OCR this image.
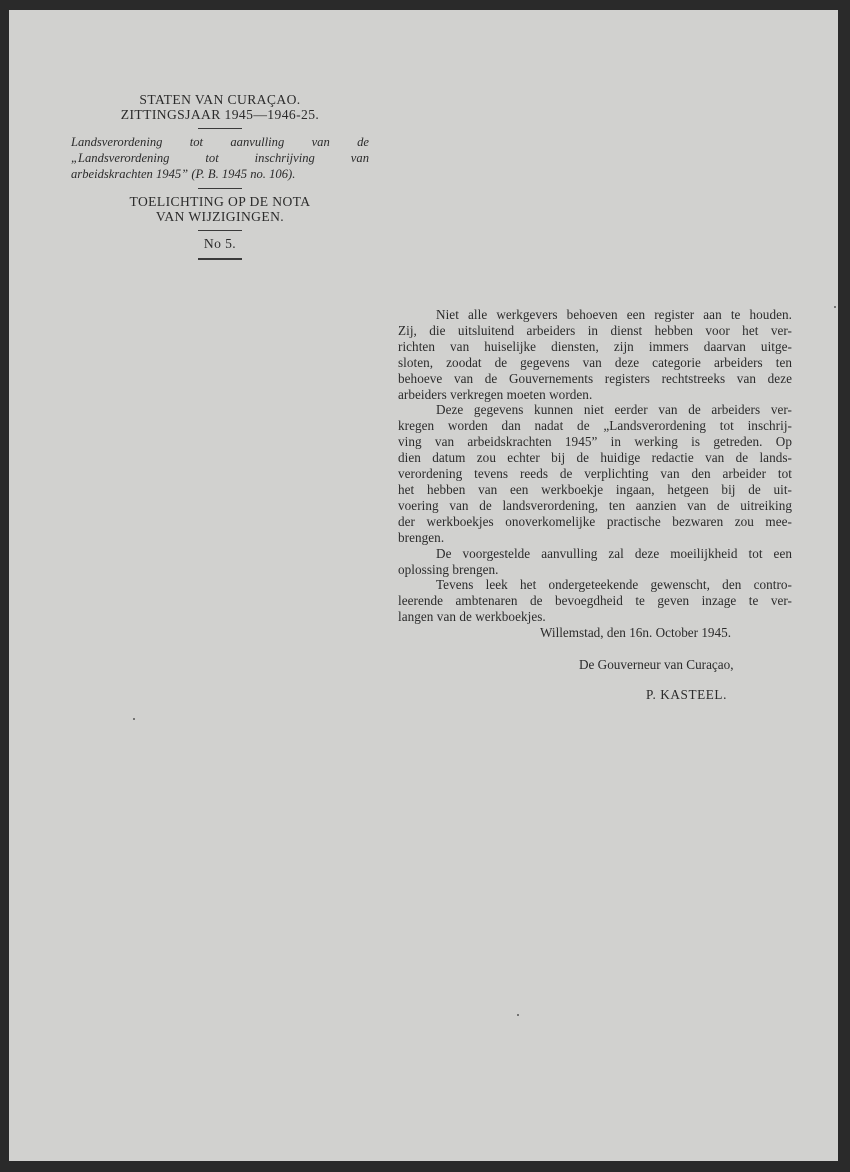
STATEN VAN CURAÇAO.
ZITTINGSJAAR 1945—1946-25.

Landsverordening tot aanvulling van de
„Landsverordening tot inschrijving van
arbeidskrachten 1945” (P. B. 1945 no. 106).

TOELICHTING OP DE NOTA
VAN WIJZIGINGEN.
No 5.

Niet alle werkgevers behoeven een register aan te houden.
Zij, die uitsluitend arbeiders in dienst hebben voor het ver-
richten van huiselijke diensten, zijn immers daarvan uitge-
sloten, zoodat de gegevens van deze categorie arbeiders ten
behoeve van de Gouvernements registers rechtstreeks van deze
arbeiders verkregen moeten worden.

Deze gegevens kunnen niet eerder van de arbeiders ver-
kregen worden dan nadat de „Landsverordening tot inschrij-
ving van arbeidskrachten 1945” in werking is getreden. Op
dien datum zou echter bij de huidige redactie van de lands-
verordening tevens reeds de verplichting van den arbeider tot
het hebben van een werkboekje ingaan, hetgeen bij de uit-
voering van de landsverordening, ten aanzien van de uitreiking
der werkboekjes onoverkomelijke practische bezwaren zou mee-
brengen.

De voorgestelde aanvulling zal deze moeilijkheid tot een
oplossing brengen.

Tevens leek het ondergeteekende gewenscht, den contro-
leerende ambtenaren de bevoegdheid te geven inzage te ver-
langen van de werkboekjes.

Willemstad, den 16n. October 1945.
De Gouverneur van Curaçao,
P. KASTEEL.
